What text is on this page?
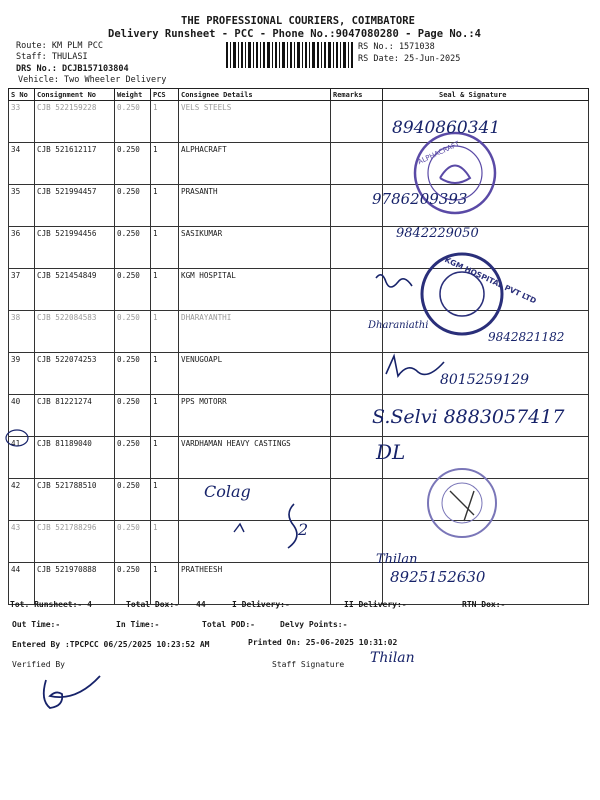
THE PROFESSIONAL COURIERS, COIMBATORE
Delivery Runsheet - PCC - Phone No.:9047080280 - Page No.:4
Route: KM PLM PCC
Staff: THULASI
DRS No.: DCJB157103804
Vehicle: Two Wheeler Delivery
RS No.: 1571038
RS Date: 25-Jun-2025
S No	Consignment No	Weight	PCS	Consignee Details	Remarks	Seal & Signature
33	CJB 522159228	0.250	1	VELS STEELS		
34	CJB 521612117	0.250	1	ALPHACRAFT		
35	CJB 521994457	0.250	1	PRASANTH		
36	CJB 521994456	0.250	1	SASIKUMAR		
37	CJB 521454849	0.250	1	KGM HOSPITAL		
38	CJB 522084583	0.250	1	DHARAYANTHI		
39	CJB 522074253	0.250	1	VENUGOAPL		
40	CJB 81221274	0.250	1	PPS MOTORR		
41	CJB 81189040	0.250	1	VARDHAMAN HEAVY CASTINGS		
42	CJB 521788510	0.250	1			
43	CJB 521788296	0.250	1			
44	CJB 521970888	0.250	1	PRATHEESH		
ALPHACRAFT
KGM HOSPITAL PVT LTD
8940860341
9786209393
9842229050
Dharaniathi
9842821182
8015259129
S.Selvi 8883057417
DL
Colag
2
Thilan
8925152630
Tot. Runsheet:- 4	Total Dox:- 44	I Delivery:-	II Delivery:-	RTN Dox:-
Out Time:-	In Time:-	Total POD:-	Delvy Points:-
Entered By :TPCPCC 06/25/2025 10:23:52 AM	Printed On: 25-06-2025 10:31:02
Verified By	Staff Signature Thilan
